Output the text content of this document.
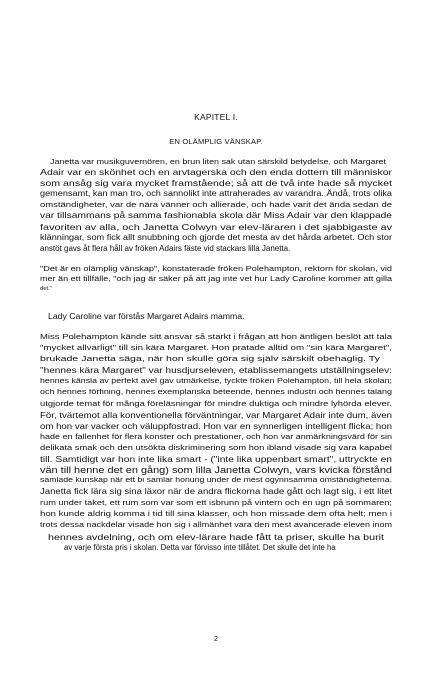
KAPITEL I.
EN OLÄMPLIG VÄNSKAP.
Janetta var musikguvernören, en brun liten sak utan särskild betydelse, och Margaret
Adair var en skönhet och en arvtagerska och den enda dottern till människor
som ansåg sig vara mycket framstående; så att de två inte hade så mycket
gemensamt, kan man tro, och sannolikt inte attraherades av varandra. Ändå, trots olika
omständigheter, var de nära vänner och allierade, och hade varit det ända sedan de
var tillsammans på samma fashionabla skola där Miss Adair var den klappade
favoriten av alla, och Janetta Colwyn var elev-läraren i det sjabbigaste av
klänningar, som fick allt snubbning och gjorde det mesta av det hårda arbetet. Och stor
anstöt gavs åt flera håll av fröken Adairs fäste vid stackars lilla Janetta.
"Det är en olämplig vänskap", konstaterade fröken Polehampton, rektorn för skolan, vid
mer än ett tillfälle, "och jag är säker på att jag inte vet hur Lady Caroline kommer att gilla
det."
Lady Caroline var förstås Margaret Adairs mamma.
Miss Polehampton kände sitt ansvar så starkt i frågan att hon äntligen beslöt att tala
"mycket allvarligt" till sin kära Margaret. Hon pratade alltid om "sin kära Margaret",
brukade Janetta säga, när hon skulle göra sig själv särskilt obehaglig. Ty
"hennes kära Margaret" var husdjurseleven, etablissemangets utställningselev:
hennes känsla av perfekt avel gav utmärkelse, tyckte fröken Polehampton, till hela skolan;
och hennes förfining, hennes exemplariska beteende, hennes industri och hennes talang
utgjorde temat för många föreläsningar för mindre duktiga och mindre lyhörda elever.
För, tvärtemot alla konventionella förväntningar, var Margaret Adair inte dum, även
om hon var vacker och väluppfostrad. Hon var en synnerligen intelligent flicka; hon
hade en fallenhet för flera konster och prestationer, och hon var anmärkningsvärd för sin
delikata smak och den utsökta diskriminering som hon ibland visade sig vara kapabel
till. Samtidigt var hon inte lika smart - ("inte lika uppenbart smart", uttryckte en
vän till henne det en gång) som lilla Janetta Colwyn, vars kvicka förstånd
samlade kunskap när ett bi samlar honung under de mest ogynnsamma omständigheterna.
Janetta fick lära sig sina läxor när de andra flickorna hade gått och lagt sig, i ett litet
rum under taket, ett rum som var som ett isbrunn på vintern och en ugn på sommaren;
hon kunde aldrig komma i tid till sina klasser, och hon missade dem ofta helt; men i
trots dessa nackdelar visade hon sig i allmänhet vara den mest avancerade eleven inom
hennes avdelning, och om elev-lärare hade fått ta priser, skulle ha burit
av varje första pris i skolan. Detta var förvisso inte tillåtet. Det skulle det inte ha
2
